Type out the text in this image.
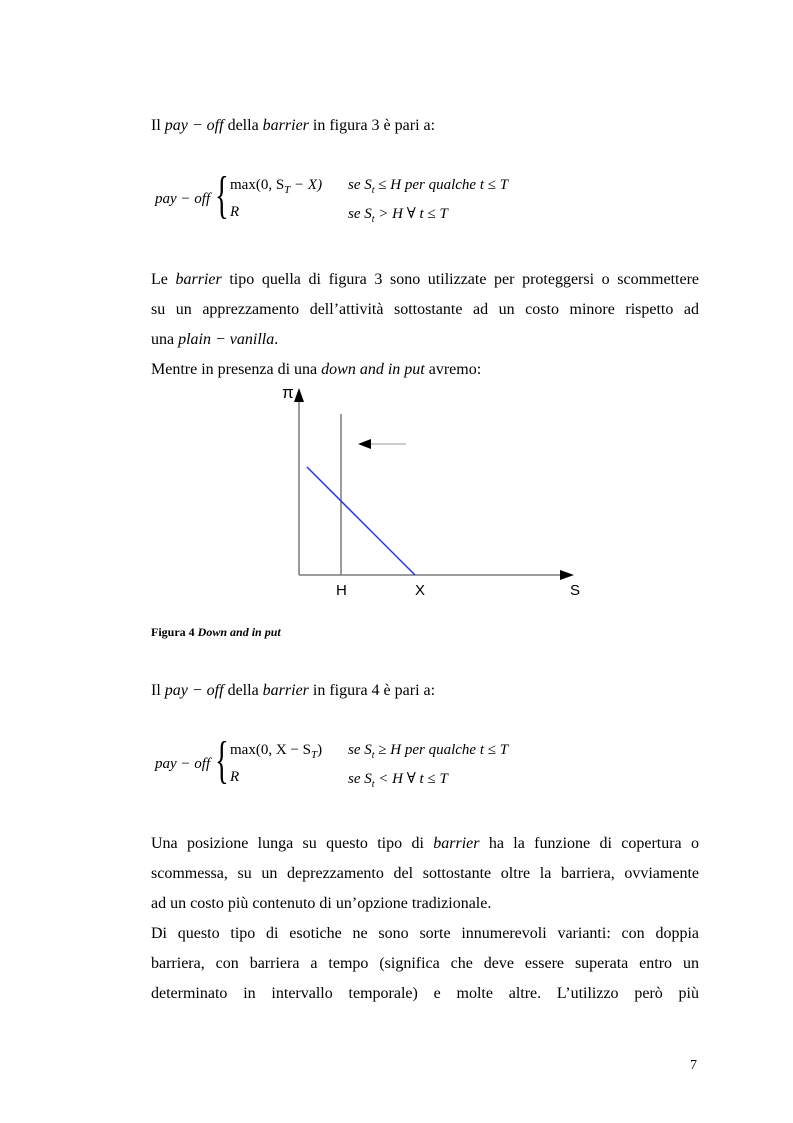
Il pay − off della barrier in figura 3 è pari a:
pay − off { max(0, $S_T - X$) se $S_t \le H$ per qualche t ≤ T
R	se $S_t > H$ ∀ t ≤ T
Le barrier tipo quella di figura 3 sono utilizzate per proteggersi o scommettere
su un apprezzamento dell’attività sottostante ad un costo minore rispetto ad
una plain − vanilla.
Mentre in presenza di una down and in put avremo:
π
H	X	S
Figura 4 Down and in put
Il pay − off della barrier in figura 4 è pari a:
pay − off { max(0, $X - S_T$) se $S_t \ge H$ per qualche t ≤ T
R	se $S_t < H$ ∀ t ≤ T
Una posizione lunga su questo tipo di barrier ha la funzione di copertura o
scommessa, su un deprezzamento del sottostante oltre la barriera, ovviamente
ad un costo più contenuto di un’opzione tradizionale.
Di questo tipo di esotiche ne sono sorte innumerevoli varianti: con doppia
barriera, con barriera a tempo (significa che deve essere superata entro un
determinato in intervallo temporale) e molte altre. L’utilizzo però più
7
